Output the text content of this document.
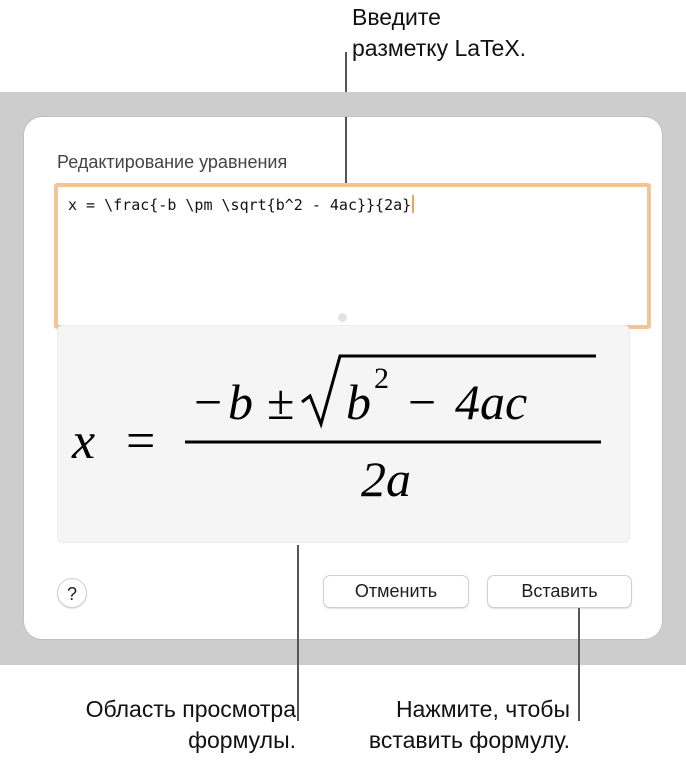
Введите
разметку LaTeX.
Редактирование уравнения
x = \frac{-b \pm \sqrt{b^2 - 4ac}}{2a}
x =
− b ± b 2 − 4ac
2a
?	Отменить	Вставить
Область просмотра
формулы.
Нажмите, чтобы
вставить формулу.
